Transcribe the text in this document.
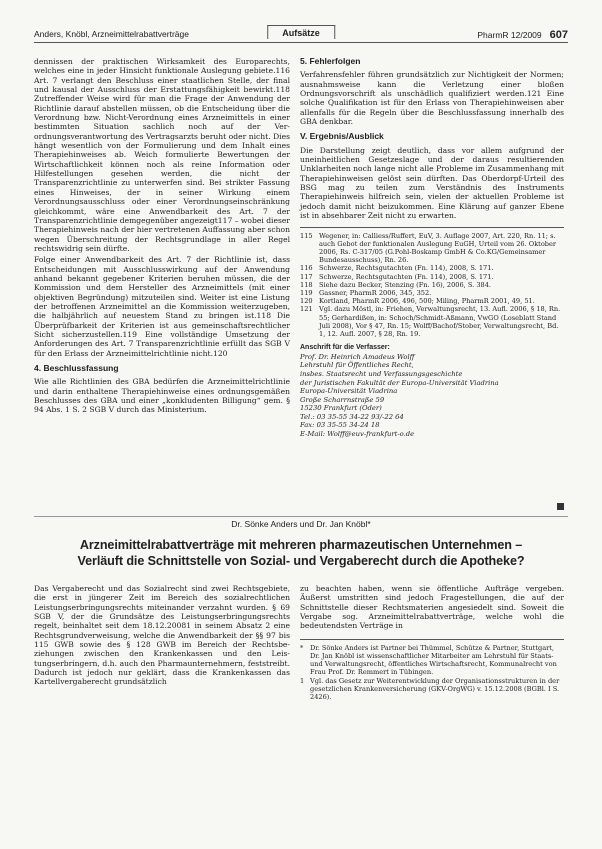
Anders, Knöbl, Arzneimittelrabattverträge	Aufsätze	PharmR 12/2009 607

dennissen der praktischen Wirksamkeit des Europarechts, welches eine in jeder Hinsicht funktionale Auslegung gebiete.116 Art. 7 verlangt den Beschluss einer staatlichen Stelle, der final und kausal der Ausschluss der Erstattungsfähigkeit bewirkt.118 Zutreffender Weise wird für man die Frage der Anwendung der Richtlinie darauf abstellen müssen, ob die Entscheidung über die Verordnung bzw. Nicht-Verordnung eines Arzneimittels in einer bestimmten Situation sachlich noch auf der Verordnungsverantwortung des Vertragsarzts beruht oder nicht. Dies hängt wesentlich von der Formulierung und dem Inhalt eines Therapiehinweises ab. Weich formulierte Bewertungen der Wirtschaftlichkeit können noch als reine Information oder Hilfestellungen gesehen werden, die nicht der Transparenzrichtlinie zu unterwerfen sind. Bei strikter Fassung eines Hinweises, der in seiner Wirkung einem Verordnungsausschluss oder einer Verordnungseinschränkung gleichkommt, wäre eine Anwendbarkeit des Art. 7 der Transparenzrichtlinie demgegenüber angezeigt117 – wobei dieser Therapiehinweis nach der hier vertretenen Auffassung aber schon wegen Überschreitung der Rechtsgrundlage in aller Regel rechtswidrig sein dürfte.

Folge einer Anwendbarkeit des Art. 7 der Richtlinie ist, dass Entscheidungen mit Ausschlusswirkung auf der Anwendung anhand bekannt gegebener Kriterien beruhen müssen, die der Kommission und dem Hersteller des Arzneimittels (mit einer objektiven Begründung) mitzuteilen sind. Weiter ist eine Listung der betroffenen Arzneimittel an die Kommission weiterzugeben, die halbjährlich auf neuestem Stand zu bringen ist.118 Die Überprüfbarkeit der Kriterien ist aus gemeinschaftsrechtlicher Sicht sicherzustellen.119 Eine vollständige Umsetzung der Anforderungen des Art. 7 Transparenzrichtlinie erfüllt das SGB V für den Erlass der Arzneimittelrichtlinie nicht.120

4. Beschlussfassung

Wie alle Richtlinien des GBA bedürfen die Arzneimittelrichtlinie und darin enthaltene Therapiehinweise eines ordnungsgemäßen Beschlusses des GBA und einer „konkludenten Billigung“ gem. § 94 Abs. 1 S. 2 SGB V durch das Ministerium.

5. Fehlerfolgen

Verfahrensfehler führen grundsätzlich zur Nichtigkeit der Normen; ausnahmsweise kann die Verletzung einer bloßen Ordnungsvorschrift als unschädlich qualifiziert werden.121 Eine solche Qualifikation ist für den Erlass von Therapiehinweisen aber allenfalls für die Regeln über die Beschlussfassung innerhalb des GBA denkbar.

V. Ergebnis/Ausblick

Die Darstellung zeigt deutlich, dass vor allem aufgrund der uneinheitlichen Gesetzeslage und der daraus resultierenden Unklarheiten noch lange nicht alle Probleme im Zusammenhang mit Therapiehinweisen gelöst sein dürften. Das Oberdorpf-Urteil des BSG mag zu teilen zum Verständnis des Instruments Therapiehinweis hilfreich sein, vielen der aktuellen Probleme ist jedoch damit nicht beizukommen. Eine Klärung auf ganzer Ebene ist in absehbarer Zeit nicht zu erwarten.

115 Wegener, in: Calliess/Ruffert, EuV, 3. Auflage 2007, Art. 220, Rn. 11; s. auch Gebot der funktionalen Auslegung EuGH, Urteil vom 26. Oktober 2006, Rs. C-317/05 (G.Pohl-Boskamp GmbH & Co.KG/Gemeinsamer Bundesausschuss), Rn. 26.
116 Schwerze, Rechtsgutachten (Fn. 114), 2008, S. 171.
117 Schwerze, Rechtsgutachten (Fn. 114), 2008, S. 171.
118 Siehe dazu Becker, Stenzing (Fn. 16), 2006, S. 384.
119 Gassner, PharmR 2006, 345, 352.
120 Kortland, PharmR 2006, 496, 500; Miling, PharmR 2001, 49, 51.
121 Vgl. dazu Möstl, in: Friehen, Verwaltungsrecht, 13. Aufl. 2006, § 18, Rn. 55; Gerhardißen, in: Schoch/Schmidt-Aßmann, VwGO (Loseblatt Stand Juli 2008), Vor § 47, Rn. 15; Wolff/Bachof/Stober, Verwaltungsrecht, Bd. 1, 12. Aufl. 2007, § 28, Rn. 19.
Anschrift für die Verfasser:
Prof. Dr. Heinrich Amadeus Wolff
Lehrstuhl für Öffentliches Recht,
insbes. Staatsrecht und Verfassungsgeschichte
der Juristischen Fakultät der Europa-Universität Viadrina
Europa-Universität Viadrina
Große Scharrnstraße 59
15230 Frankfurt (Oder)
Tel.: 03 35-55 34-22 93/-22 64
Fax: 03 35-55 34-24 18
E-Mail: Wolff@euv-frankfurt-o.de
Dr. Sönke Anders und Dr. Jan Knöbl*
Arzneimittelrabattverträge mit mehreren pharmazeutischen Unternehmen –
Verläuft die Schnittstelle von Sozial- und Vergaberecht durch die Apotheke?

Das Vergaberecht und das Sozialrecht sind zwei Rechtsgebiete, die erst in jüngerer Zeit im Bereich des sozialrechtlichen Leistungserbringungsrechts miteinander verzahnt wurden. § 69 SGB V, der die Grundsätze des Leistungserbringungsrechts regelt, beinhaltet seit dem 18.12.20081 in seinem Absatz 2 eine Rechtsgrundverweisung, welche die Anwendbarkeit der §§ 97 bis 115 GWB sowie des § 128 GWB im Bereich der Rechtsbeziehungen zwischen den Krankenkassen und den Leistungserbringern, d.h. auch den Pharmaunternehmern, feststreibt. Dadurch ist jedoch nur geklärt, dass die Krankenkassen das Kartellvergaberecht grundsätzlich

zu beachten haben, wenn sie öffentliche Aufträge vergeben. Äußerst umstritten sind jedoch Fragestellungen, die auf der Schnittstelle dieser Rechtsmaterien angesiedelt sind. Soweit die Vergabe sog. Arzneimittelrabattverträge, welche wohl die bedeutendsten Verträge in

*	Dr. Sönke Anders ist Partner bei Thümmel, Schütze & Partner, Stuttgart, Dr. Jan Knöbl ist wissenschaftlicher Mitarbeiter am Lehrstuhl für Staats- und Verwaltungsrecht, öffentliches Wirtschaftsrecht, Kommunalrecht von Frau Prof. Dr. Remmert in Tübingen.
1 Vgl. das Gesetz zur Weiterentwicklung der Organisationsstrukturen in der gesetzlichen Krankenversicherung (GKV-OrgWG) v. 15.12.2008 (BGBl. I S. 2426).
